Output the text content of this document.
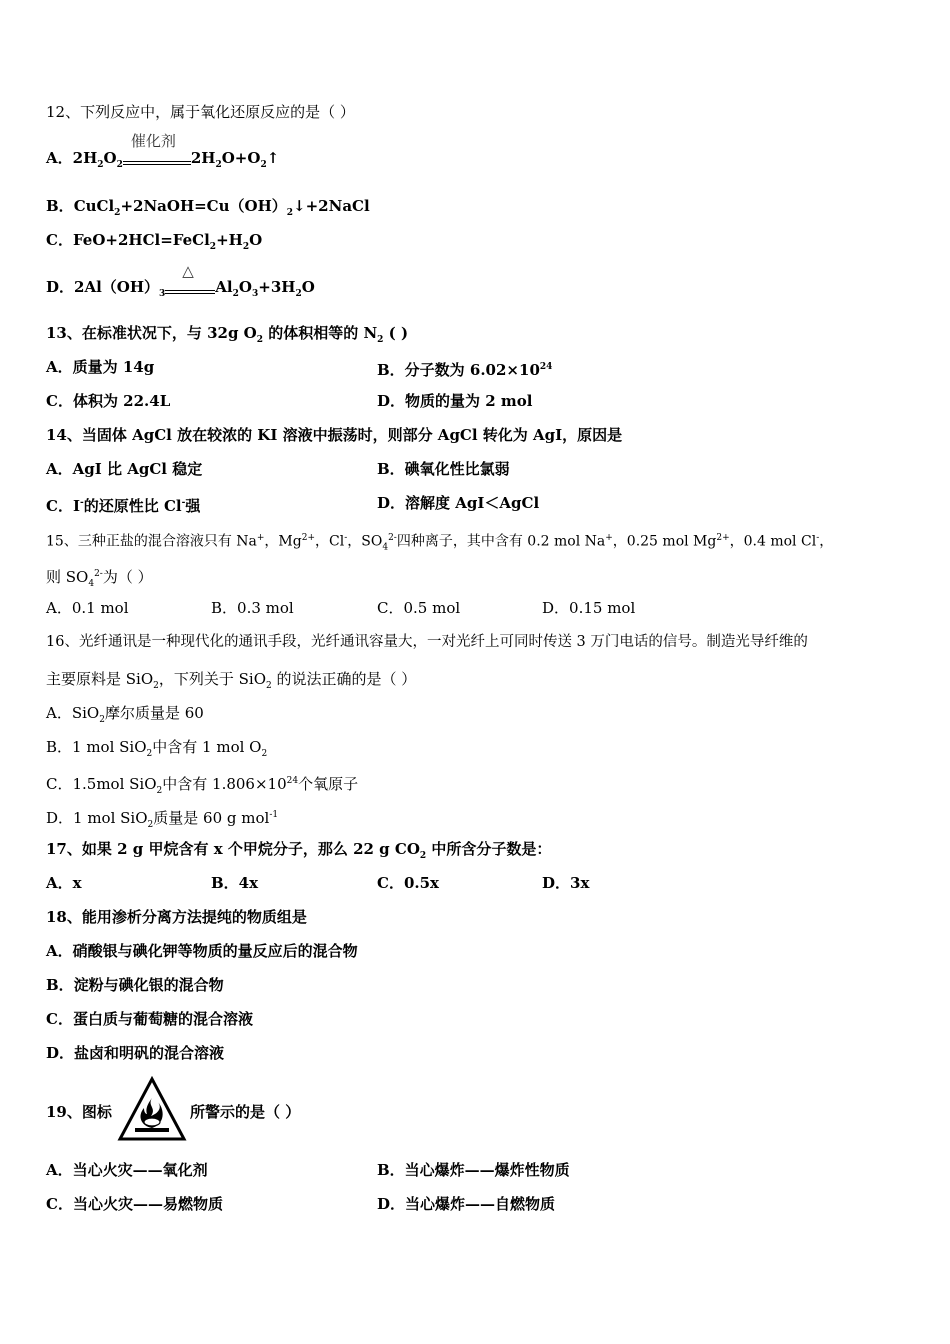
12、下列反应中，属于氧化还原反应的是（ ）
A．$2H_2O_2$
催化剂
$2H_2O+O_2↑$
B．$CuCl_2+2NaOH=Cu(OH)_2↓+2NaCl$
C．$FeO+2HCl=FeCl_2+H_2O$
D．$2Al(OH)_3$
△
$Al_2O_3+3H_2O$
13、在标准状况下，与 32g $O_2$ 的体积相等的 $N_2$ ( )
A．质量为 14g	B．分子数为 $6.02\times 10^{24}$
C．体积为 22.4L	D．物质的量为 2 mol
14、当固体 AgCl 放在较浓的 KI 溶液中振荡时，则部分 AgCl 转化为 AgI，原因是
A．AgI 比 AgCl 稳定	B．碘氧化性比氯弱
C．I-的还原性比 Cl-强	D．溶解度 AgI＜AgCl
15、三种正盐的混合溶液只有 Na+，$Mg^{2+}$，Cl-，$SO_4^{2-}$四种离子，其中含有 0.2 mol Na+，0.25 mol $Mg^{2+}$，0.4 mol Cl-，
则 $SO_4^{2-}$为（ ）
A．0.1 mol	B．0.3 mol	C．0.5 mol	D．0.15 mol
16、光纤通讯是一种现代化的通讯手段，光纤通讯容量大，一对光纤上可同时传送 3 万门电话的信号。制造光导纤维的
主要原料是 SiO$_2$，下列关于 SiO$_2$ 的说法正确的是（ ）
A．SiO$_2$摩尔质量是 60
B．1 mol SiO$_2$中含有 1 mol $O_2$
C．1.5mol SiO$_2$中含有 $1.806\times 10^{24}$个氧原子
D．1 mol SiO$_2$质量是 60 g mol$^{-1}$
17、如果 2 g 甲烷含有 x 个甲烷分子，那么 22 g $CO_2$ 中所含分子数是：
A．x	B．4x	C．0.5x	D．3x
18、能用渗析分离方法提纯的物质组是
A．硝酸银与碘化钾等物质的量反应后的混合物
B．淀粉与碘化银的混合物
C．蛋白质与葡萄糖的混合溶液
D．盐卤和明矾的混合溶液
19、图标	所警示的是（ ）
A．当心火灾——氧化剂	B．当心爆炸——爆炸性物质
C．当心火灾——易燃物质	D．当心爆炸——自燃物质
